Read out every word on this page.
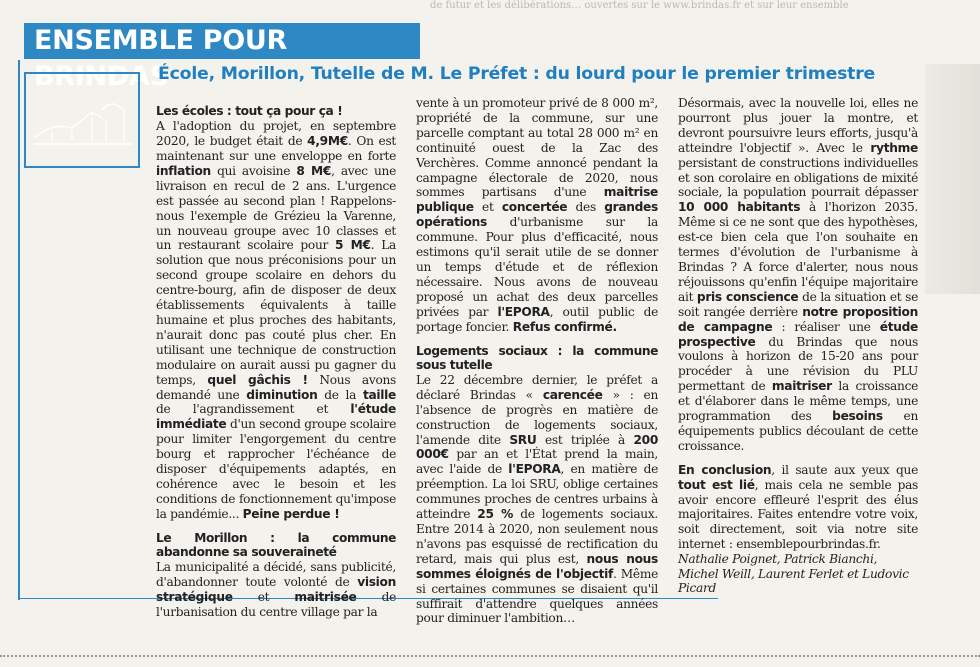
de futur et les délibérations… ouvertes sur le www.brindas.fr et sur leur ensemble
ENSEMBLE POUR BRINDAS
École, Morillon, Tutelle de M. Le Préfet : du lourd pour le premier trimestre

Les écoles : tout ça pour ça !

A l'adoption du projet, en septembre 2020, le budget était de 4,9M€. On est maintenant sur une enveloppe en forte inflation qui avoisine 8 M€, avec une livraison en recul de 2 ans. L'urgence est passée au second plan ! Rappelons-nous l'exemple de Grézieu la Varenne, un nouveau groupe avec 10 classes et un restaurant scolaire pour 5 M€. La solution que nous préconisions pour un second groupe scolaire en dehors du centre-bourg, afin de disposer de deux établissements équivalents à taille humaine et plus proches des habitants, n'aurait donc pas couté plus cher. En utilisant une technique de construction modulaire on aurait aussi pu gagner du temps, quel gâchis ! Nous avons demandé une diminution de la taille de l'agrandissement et l'étude immédiate d'un second groupe scolaire pour limiter l'engorgement du centre bourg et rapprocher l'échéance de disposer d'équipements adaptés, en cohérence avec le besoin et les conditions de fonctionnement qu'impose la pandémie... Peine perdue !

Le Morillon : la commune abandonne sa souveraineté

La municipalité a décidé, sans publicité, d'abandonner toute volonté de vision stratégique et maitrisée de l'urbanisation du centre village par la

vente à un promoteur privé de 8 000 m², propriété de la commune, sur une parcelle comptant au total 28 000 m² en continuité ouest de la Zac des Verchères. Comme annoncé pendant la campagne électorale de 2020, nous sommes partisans d'une maitrise publique et concertée des grandes opérations d'urbanisme sur la commune. Pour plus d'efficacité, nous estimons qu'il serait utile de se donner un temps d'étude et de réflexion nécessaire. Nous avons de nouveau proposé un achat des deux parcelles privées par l'EPORA, outil public de portage foncier. Refus confirmé.

Logements sociaux : la commune sous tutelle

Le 22 décembre dernier, le préfet a déclaré Brindas « carencée » : en l'absence de progrès en matière de construction de logements sociaux, l'amende dite SRU est triplée à 200 000€ par an et l'État prend la main, avec l'aide de l'EPORA, en matière de préemption. La loi SRU, oblige certaines communes proches de centres urbains à atteindre 25 % de logements sociaux. Entre 2014 à 2020, non seulement nous n'avons pas esquissé de rectification du retard, mais qui plus est, nous nous sommes éloignés de l'objectif. Même si certaines communes se disaient qu'il suffirait d'attendre quelques années pour diminuer l'ambition…

Désormais, avec la nouvelle loi, elles ne pourront plus jouer la montre, et devront poursuivre leurs efforts, jusqu'à atteindre l'objectif ». Avec le rythme persistant de constructions individuelles et son corolaire en obligations de mixité sociale, la population pourrait dépasser 10 000 habitants à l'horizon 2035. Même si ce ne sont que des hypothèses, est-ce bien cela que l'on souhaite en termes d'évolution de l'urbanisme à Brindas ? A force d'alerter, nous nous réjouissons qu'enfin l'équipe majoritaire ait pris conscience de la situation et se soit rangée derrière notre proposition de campagne : réaliser une étude prospective du Brindas que nous voulons à horizon de 15-20 ans pour procéder à une révision du PLU permettant de maitriser la croissance et d'élaborer dans le même temps, une programmation des besoins en équipements publics découlant de cette croissance.

En conclusion, il saute aux yeux que tout est lié, mais cela ne semble pas avoir encore effleuré l'esprit des élus majoritaires. Faites entendre votre voix, soit directement, soit via notre site internet : ensemblepourbrindas.fr.

Nathalie Poignet, Patrick Bianchi, Michel Weill, Laurent Ferlet et Ludovic Picard
